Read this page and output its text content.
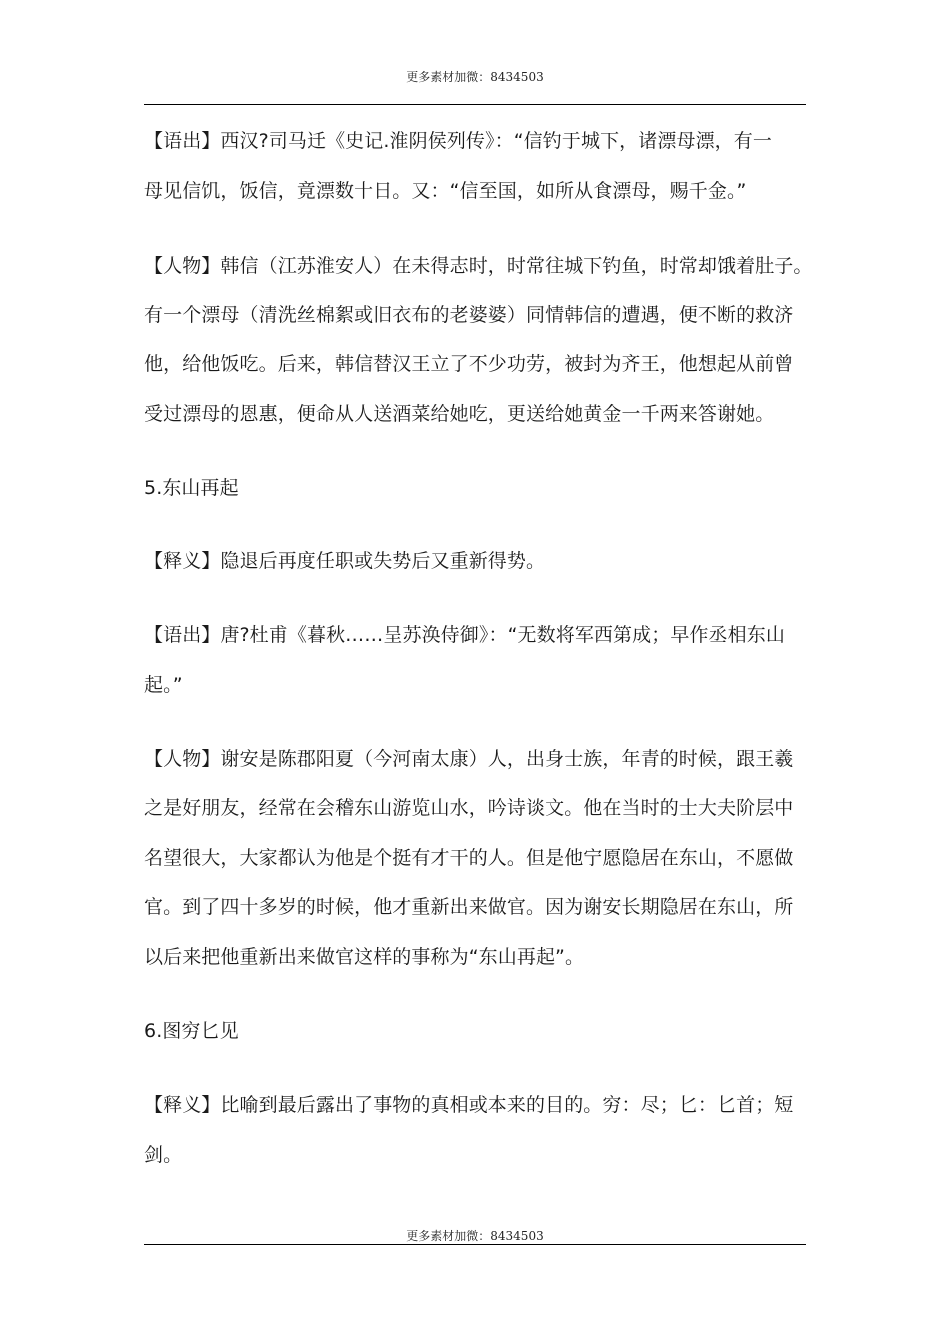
更多素材加微：8434503
【语出】西汉?司马迁《史记.淮阴侯列传》：“信钓于城下，诸漂母漂，有一
母见信饥，饭信，竟漂数十日。又：“信至国，如所从食漂母，赐千金。”
【人物】韩信（江苏淮安人）在未得志时，时常往城下钓鱼，时常却饿着肚子。
有一个漂母（清洗丝棉絮或旧衣布的老婆婆）同情韩信的遭遇，便不断的救济
他，给他饭吃。后来，韩信替汉王立了不少功劳，被封为齐王，他想起从前曾
受过漂母的恩惠，便命从人送酒菜给她吃，更送给她黄金一千两来答谢她。
5.东山再起
【释义】隐退后再度任职或失势后又重新得势。
【语出】唐?杜甫《暮秋……呈苏涣侍御》：“无数将军西第成；早作丞相东山
起。”
【人物】谢安是陈郡阳夏（今河南太康）人，出身士族，年青的时候，跟王羲
之是好朋友，经常在会稽东山游览山水，吟诗谈文。他在当时的士大夫阶层中
名望很大，大家都认为他是个挺有才干的人。但是他宁愿隐居在东山，不愿做
官。到了四十多岁的时候，他才重新出来做官。因为谢安长期隐居在东山，所
以后来把他重新出来做官这样的事称为“东山再起”。
6.图穷匕见
【释义】比喻到最后露出了事物的真相或本来的目的。穷：尽；匕：匕首；短
剑。
更多素材加微：8434503
